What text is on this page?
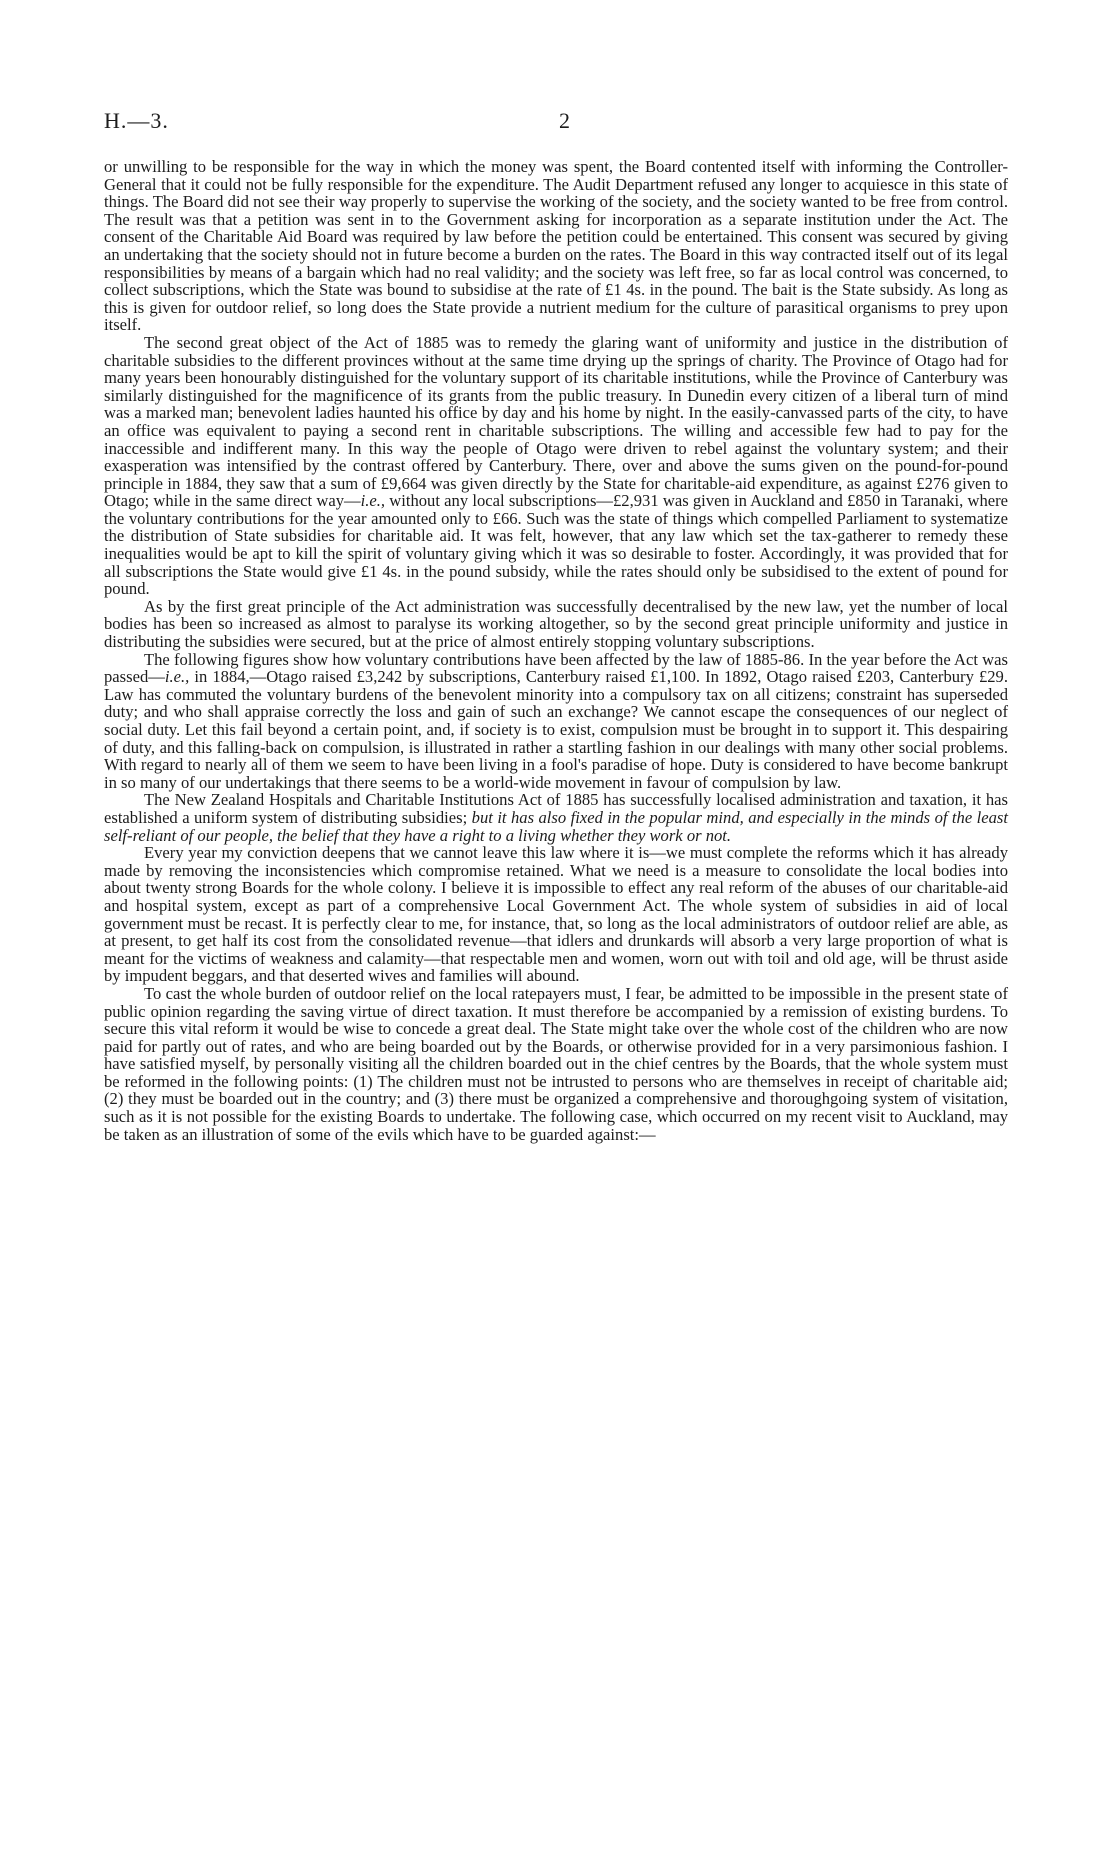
H.—3.	2

or unwilling to be responsible for the way in which the money was spent, the Board contented itself with informing the Controller-General that it could not be fully responsible for the expenditure. The Audit Department refused any longer to acquiesce in this state of things. The Board did not see their way properly to supervise the working of the society, and the society wanted to be free from control. The result was that a petition was sent in to the Government asking for incorporation as a separate institution under the Act. The consent of the Charitable Aid Board was required by law before the petition could be entertained. This consent was secured by giving an undertaking that the society should not in future become a burden on the rates. The Board in this way contracted itself out of its legal responsibilities by means of a bargain which had no real validity; and the society was left free, so far as local control was concerned, to collect subscriptions, which the State was bound to subsidise at the rate of £1 4s. in the pound. The bait is the State subsidy. As long as this is given for outdoor relief, so long does the State provide a nutrient medium for the culture of parasitical organisms to prey upon itself.

The second great object of the Act of 1885 was to remedy the glaring want of uniformity and justice in the distribution of charitable subsidies to the different provinces without at the same time drying up the springs of charity. The Province of Otago had for many years been honourably distinguished for the voluntary support of its charitable institutions, while the Province of Canterbury was similarly distinguished for the magnificence of its grants from the public treasury. In Dunedin every citizen of a liberal turn of mind was a marked man; benevolent ladies haunted his office by day and his home by night. In the easily-canvassed parts of the city, to have an office was equivalent to paying a second rent in charitable subscriptions. The willing and accessible few had to pay for the inaccessible and indifferent many. In this way the people of Otago were driven to rebel against the voluntary system; and their exasperation was intensified by the contrast offered by Canterbury. There, over and above the sums given on the pound-for-pound principle in 1884, they saw that a sum of £9,664 was given directly by the State for charitable-aid expenditure, as against £276 given to Otago; while in the same direct way—i.e., without any local subscriptions—£2,931 was given in Auckland and £850 in Taranaki, where the voluntary contributions for the year amounted only to £66. Such was the state of things which compelled Parliament to systematize the distribution of State subsidies for charitable aid. It was felt, however, that any law which set the tax-gatherer to remedy these inequalities would be apt to kill the spirit of voluntary giving which it was so desirable to foster. Accordingly, it was provided that for all subscriptions the State would give £1 4s. in the pound subsidy, while the rates should only be subsidised to the extent of pound for pound.

As by the first great principle of the Act administration was successfully decentralised by the new law, yet the number of local bodies has been so increased as almost to paralyse its working altogether, so by the second great principle uniformity and justice in distributing the subsidies were secured, but at the price of almost entirely stopping voluntary subscriptions.

The following figures show how voluntary contributions have been affected by the law of 1885-86. In the year before the Act was passed—i.e., in 1884,—Otago raised £3,242 by subscriptions, Canterbury raised £1,100. In 1892, Otago raised £203, Canterbury £29. Law has commuted the voluntary burdens of the benevolent minority into a compulsory tax on all citizens; constraint has superseded duty; and who shall appraise correctly the loss and gain of such an exchange? We cannot escape the consequences of our neglect of social duty. Let this fail beyond a certain point, and, if society is to exist, compulsion must be brought in to support it. This despairing of duty, and this falling-back on compulsion, is illustrated in rather a startling fashion in our dealings with many other social problems. With regard to nearly all of them we seem to have been living in a fool's paradise of hope. Duty is considered to have become bankrupt in so many of our undertakings that there seems to be a world-wide movement in favour of compulsion by law.

The New Zealand Hospitals and Charitable Institutions Act of 1885 has successfully localised administration and taxation, it has established a uniform system of distributing subsidies; but it has also fixed in the popular mind, and especially in the minds of the least self-reliant of our people, the belief that they have a right to a living whether they work or not.

Every year my conviction deepens that we cannot leave this law where it is—we must complete the reforms which it has already made by removing the inconsistencies which compromise retained. What we need is a measure to consolidate the local bodies into about twenty strong Boards for the whole colony. I believe it is impossible to effect any real reform of the abuses of our charitable-aid and hospital system, except as part of a comprehensive Local Government Act. The whole system of subsidies in aid of local government must be recast. It is perfectly clear to me, for instance, that, so long as the local administrators of outdoor relief are able, as at present, to get half its cost from the consolidated revenue—that idlers and drunkards will absorb a very large proportion of what is meant for the victims of weakness and calamity—that respectable men and women, worn out with toil and old age, will be thrust aside by impudent beggars, and that deserted wives and families will abound.

To cast the whole burden of outdoor relief on the local ratepayers must, I fear, be admitted to be impossible in the present state of public opinion regarding the saving virtue of direct taxation. It must therefore be accompanied by a remission of existing burdens. To secure this vital reform it would be wise to concede a great deal. The State might take over the whole cost of the children who are now paid for partly out of rates, and who are being boarded out by the Boards, or otherwise provided for in a very parsimonious fashion. I have satisfied myself, by personally visiting all the children boarded out in the chief centres by the Boards, that the whole system must be reformed in the following points: (1) The children must not be intrusted to persons who are themselves in receipt of charitable aid; (2) they must be boarded out in the country; and (3) there must be organized a comprehensive and thoroughgoing system of visitation, such as it is not possible for the existing Boards to undertake. The following case, which occurred on my recent visit to Auckland, may be taken as an illustration of some of the evils which have to be guarded against:—
